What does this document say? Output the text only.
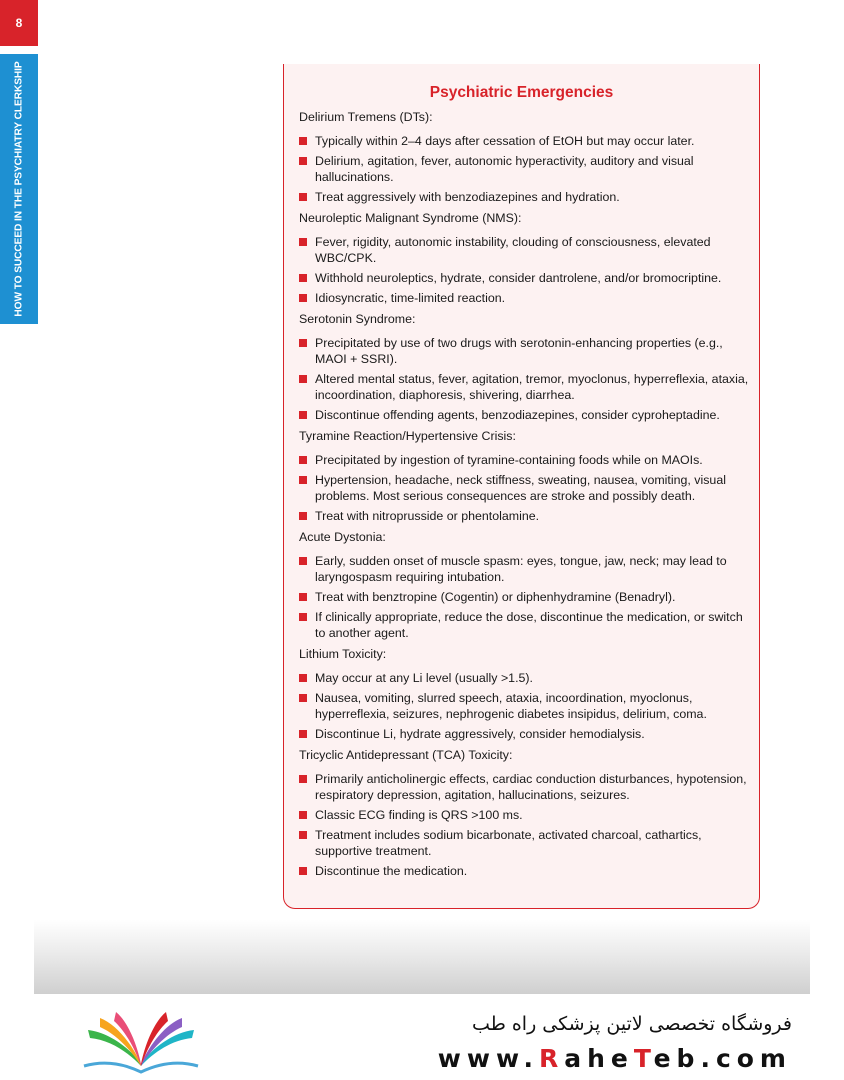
8
HOW TO SUCCEED IN THE PSYCHIATRY CLERKSHIP	Psychiatric Emergencies
Delirium Tremens (DTs):
Typically within 2–4 days after cessation of EtOH but may occur later.
Delirium, agitation, fever, autonomic hyperactivity, auditory and visual hallucinations.
Treat aggressively with benzodiazepines and hydration.
Neuroleptic Malignant Syndrome (NMS):
Fever, rigidity, autonomic instability, clouding of consciousness, elevated WBC/CPK.
Withhold neuroleptics, hydrate, consider dantrolene, and/or bromocriptine.
Idiosyncratic, time-limited reaction.
Serotonin Syndrome:
Precipitated by use of two drugs with serotonin-enhancing properties (e.g., MAOI + SSRI).
Altered mental status, fever, agitation, tremor, myoclonus, hyperreflexia, ataxia, incoordination, diaphoresis, shivering, diarrhea.
Discontinue offending agents, benzodiazepines, consider cyproheptadine.
Tyramine Reaction/Hypertensive Crisis:
Precipitated by ingestion of tyramine-containing foods while on MAOIs.
Hypertension, headache, neck stiffness, sweating, nausea, vomiting, visual problems. Most serious consequences are stroke and possibly death.
Treat with nitroprusside or phentolamine.
Acute Dystonia:
Early, sudden onset of muscle spasm: eyes, tongue, jaw, neck; may lead to laryngospasm requiring intubation.
Treat with benztropine (Cogentin) or diphenhydramine (Benadryl).
If clinically appropriate, reduce the dose, discontinue the medication, or switch to another agent.
Lithium Toxicity:
May occur at any Li level (usually >1.5).
Nausea, vomiting, slurred speech, ataxia, incoordination, myoclonus, hyperreflexia, seizures, nephrogenic diabetes insipidus, delirium, coma.
Discontinue Li, hydrate aggressively, consider hemodialysis.
Tricyclic Antidepressant (TCA) Toxicity:
Primarily anticholinergic effects, cardiac conduction disturbances, hypotension, respiratory depression, agitation, hallucinations, seizures.
Classic ECG finding is QRS >100 ms.
Treatment includes sodium bicarbonate, activated charcoal, cathartics, supportive treatment.
Discontinue the medication.
فروشگاه تخصصی لاتین پزشکی راه طب
www.RaheTeb.com
